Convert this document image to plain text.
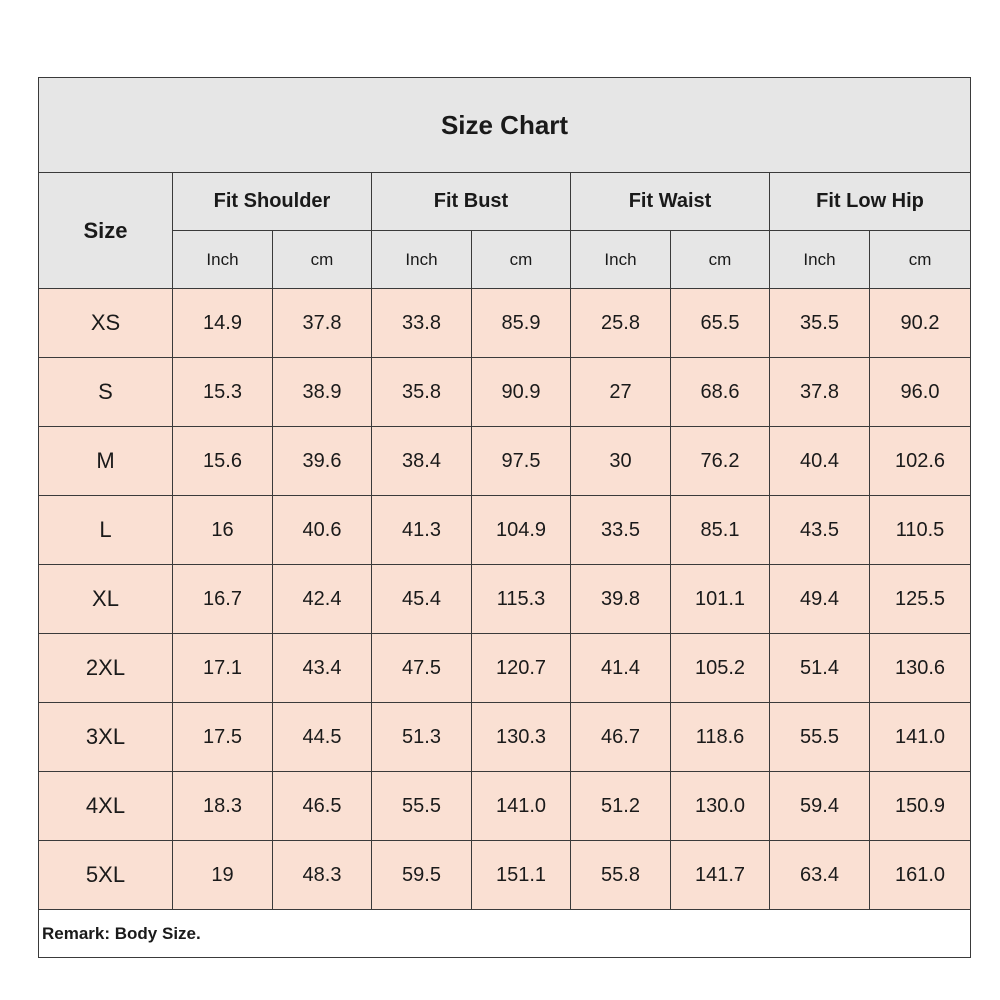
Size Chart								
Size	Fit Shoulder		Fit Bust		Fit Waist		Fit Low Hip	
	Inch	cm	Inch	cm	Inch	cm	Inch	cm
XS	14.9	37.8	33.8	85.9	25.8	65.5	35.5	90.2
S	15.3	38.9	35.8	90.9	27	68.6	37.8	96.0
M	15.6	39.6	38.4	97.5	30	76.2	40.4	102.6
L	16	40.6	41.3	104.9	33.5	85.1	43.5	110.5
XL	16.7	42.4	45.4	115.3	39.8	101.1	49.4	125.5
2XL	17.1	43.4	47.5	120.7	41.4	105.2	51.4	130.6
3XL	17.5	44.5	51.3	130.3	46.7	118.6	55.5	141.0
4XL	18.3	46.5	55.5	141.0	51.2	130.0	59.4	150.9
5XL	19	48.3	59.5	151.1	55.8	141.7	63.4	161.0
Remark: Body Size.								
